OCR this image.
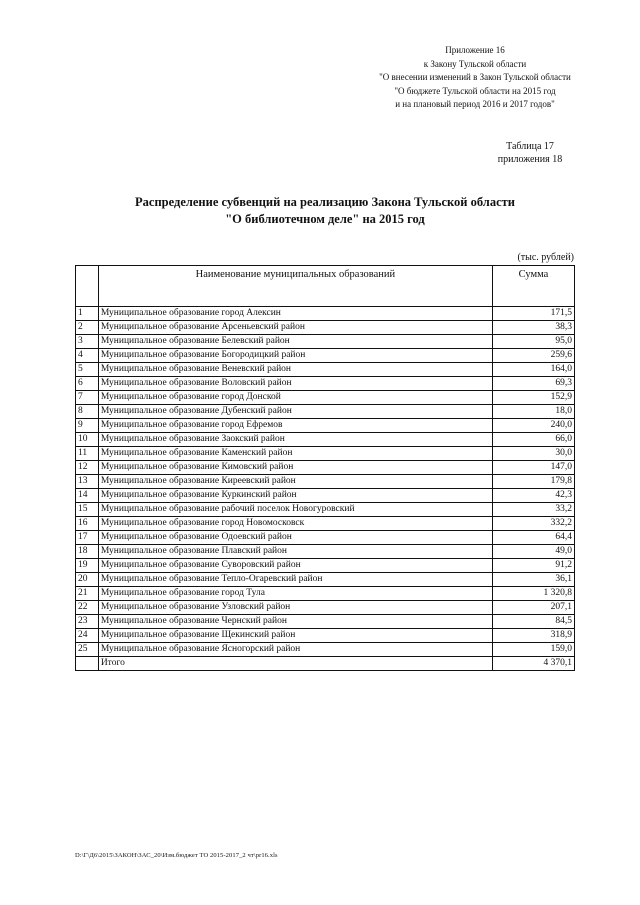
Приложение 16
к Закону Тульской области
"О внесении изменений в Закон Тульской области
"О бюджете Тульской области на 2015 год
и на плановый период 2016 и 2017 годов"
Таблица 17
приложения 18
Распределение субвенций на реализацию Закона Тульской области
"О библиотечном деле" на 2015 год
(тыс. рублей)
	Наименование муниципальных образований	Сумма
1	Муниципальное образование город Алексин	171,5
2	Муниципальное образование Арсеньевский район	38,3
3	Муниципальное образование Белевский район	95,0
4	Муниципальное образование Богородицкий район	259,6
5	Муниципальное образование Веневский район	164,0
6	Муниципальное образование Воловский район	69,3
7	Муниципальное образование город Донской	152,9
8	Муниципальное образование Дубенский район	18,0
9	Муниципальное образование город Ефремов	240,0
10	Муниципальное образование Заокский район	66,0
11	Муниципальное образование Каменский район	30,0
12	Муниципальное образование Кимовский район	147,0
13	Муниципальное образование Киреевский район	179,8
14	Муниципальное образование Куркинский район	42,3
15	Муниципальное образование рабочий поселок Новогуровский	33,2
16	Муниципальное образование город Новомосковск	332,2
17	Муниципальное образование Одоевский район	64,4
18	Муниципальное образование Плавский район	49,0
19	Муниципальное образование Суворовский район	91,2
20	Муниципальное образование Тепло-Огаревский район	36,1
21	Муниципальное образование город Тула	1 320,8
22	Муниципальное образование Узловский район	207,1
23	Муниципальное образование Чернский район	84,5
24	Муниципальное образование Щекинский район	318,9
25	Муниципальное образование Ясногорский район	159,0
	Итого	4 370,1
D:\Г\Д6\2015\ЗАКОН\ЗАС_20\Изм.бюджет ТО 2015-2017_2 чт\pr16.xls
